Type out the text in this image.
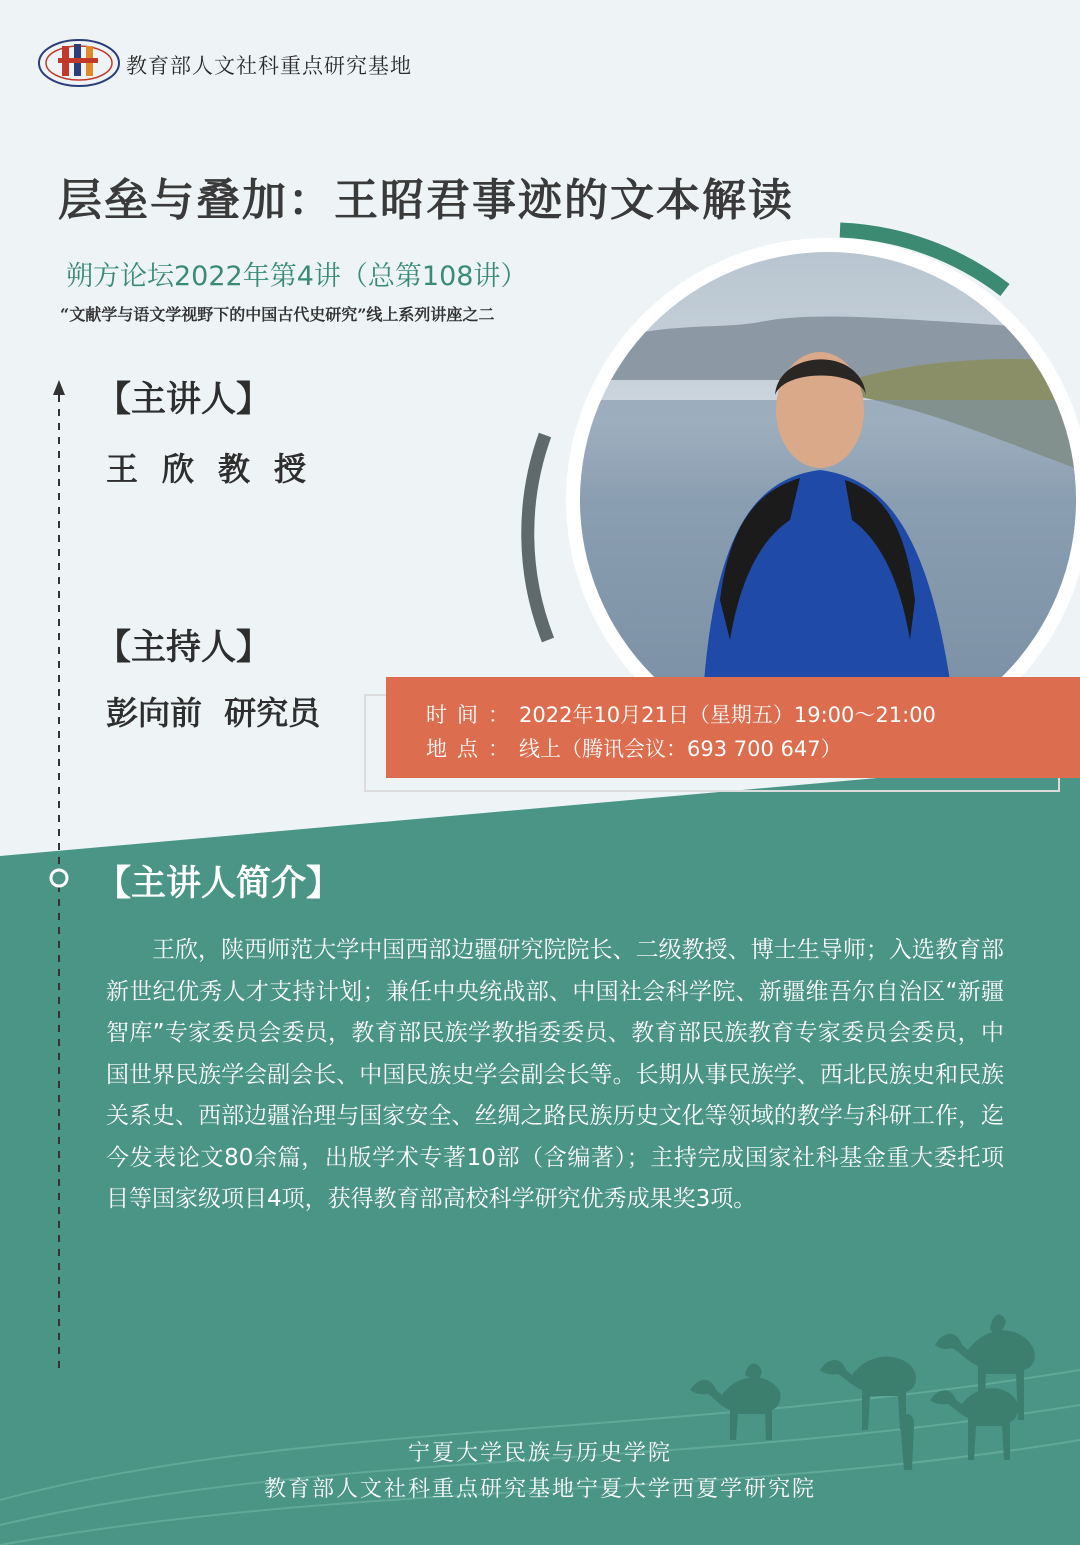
教育部人文社科重点研究基地
层垒与叠加：王昭君事迹的文本解读
朔方论坛2022年第4讲（总第108讲）
“文献学与语文学视野下的中国古代史研究”线上系列讲座之二
【主讲人】
王欣教授
【主持人】
彭向前  研究员	时间：2022年10月21日（星期五）19:00～21:00
地点：线上（腾讯会议：693 700 647）
【主讲人简介】
王欣，陕西师范大学中国西部边疆研究院院长、二级教授、博士生导师；入选教育部新世纪优秀人才支持计划；兼任中央统战部、中国社会科学院、新疆维吾尔自治区“新疆智库”专家委员会委员，教育部民族学教指委委员、教育部民族教育专家委员会委员，中国世界民族学会副会长、中国民族史学会副会长等。长期从事民族学、西北民族史和民族关系史、西部边疆治理与国家安全、丝绸之路民族历史文化等领域的教学与科研工作，迄今发表论文80余篇，出版学术专著10部（含编著）；主持完成国家社科基金重大委托项目等国家级项目4项，获得教育部高校科学研究优秀成果奖3项。
宁夏大学民族与历史学院
教育部人文社科重点研究基地宁夏大学西夏学研究院
